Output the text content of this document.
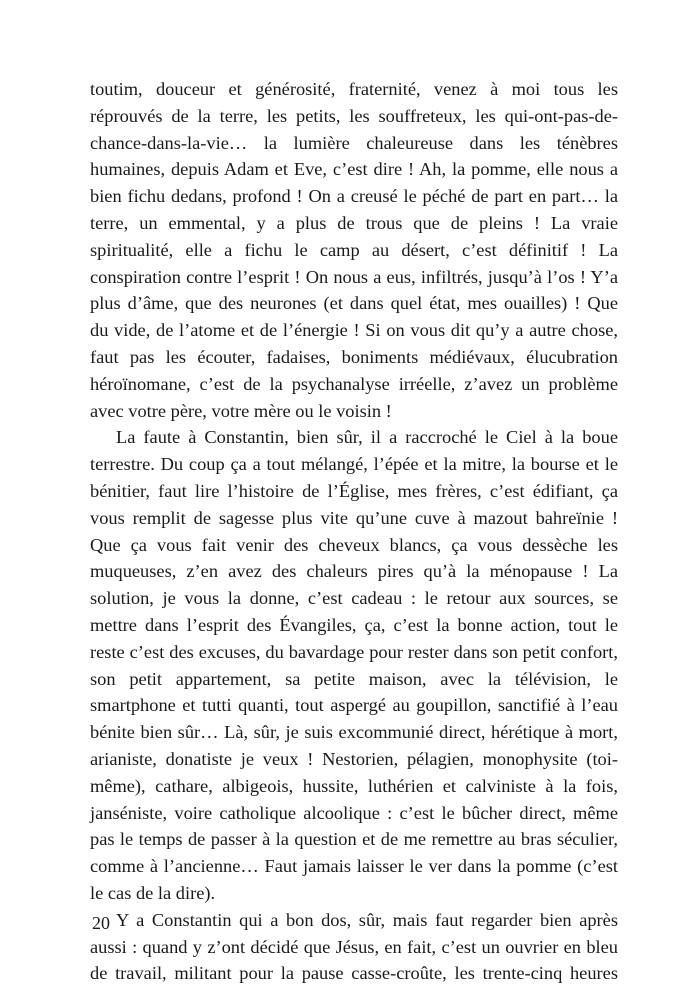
toutim, douceur et générosité, fraternité, venez à moi tous les
réprouvés de la terre, les petits, les souffreteux, les qui-ont-pas-de-
chance-dans-la-vie… la lumière chaleureuse dans les ténèbres
humaines, depuis Adam et Eve, c’est dire ! Ah, la pomme, elle nous a
bien fichu dedans, profond ! On a creusé le péché de part en part… la
terre, un emmental, y a plus de trous que de pleins ! La vraie
spiritualité, elle a fichu le camp au désert, c’est définitif ! La
conspiration contre l’esprit ! On nous a eus, infiltrés, jusqu’à l’os ! Y’a
plus d’âme, que des neurones (et dans quel état, mes ouailles) ! Que
du vide, de l’atome et de l’énergie ! Si on vous dit qu’y a autre chose,
faut pas les écouter, fadaises, boniments médiévaux, élucubration
héroïnomane, c’est de la psychanalyse irréelle, z’avez un problème
avec votre père, votre mère ou le voisin !
La faute à Constantin, bien sûr, il a raccroché le Ciel à la boue
terrestre. Du coup ça a tout mélangé, l’épée et la mitre, la bourse et le
bénitier, faut lire l’histoire de l’Église, mes frères, c’est édifiant, ça
vous remplit de sagesse plus vite qu’une cuve à mazout bahreïnie !
Que ça vous fait venir des cheveux blancs, ça vous dessèche les
muqueuses, z’en avez des chaleurs pires qu’à la ménopause ! La
solution, je vous la donne, c’est cadeau : le retour aux sources, se
mettre dans l’esprit des Évangiles, ça, c’est la bonne action, tout le
reste c’est des excuses, du bavardage pour rester dans son petit confort,
son petit appartement, sa petite maison, avec la télévision, le
smartphone et tutti quanti, tout aspergé au goupillon, sanctifié à l’eau
bénite bien sûr… Là, sûr, je suis excommunié direct, hérétique à mort,
arianiste, donatiste je veux ! Nestorien, pélagien, monophysite (toi-
même), cathare, albigeois, hussite, luthérien et calviniste à la fois,
janséniste, voire catholique alcoolique : c’est le bûcher direct, même
pas le temps de passer à la question et de me remettre au bras séculier,
comme à l’ancienne… Faut jamais laisser le ver dans la pomme (c’est
le cas de la dire).
Y a Constantin qui a bon dos, sûr, mais faut regarder bien après
aussi : quand y z’ont décidé que Jésus, en fait, c’est un ouvrier en bleu
de travail, militant pour la pause casse-croûte, les trente-cinq heures
20
